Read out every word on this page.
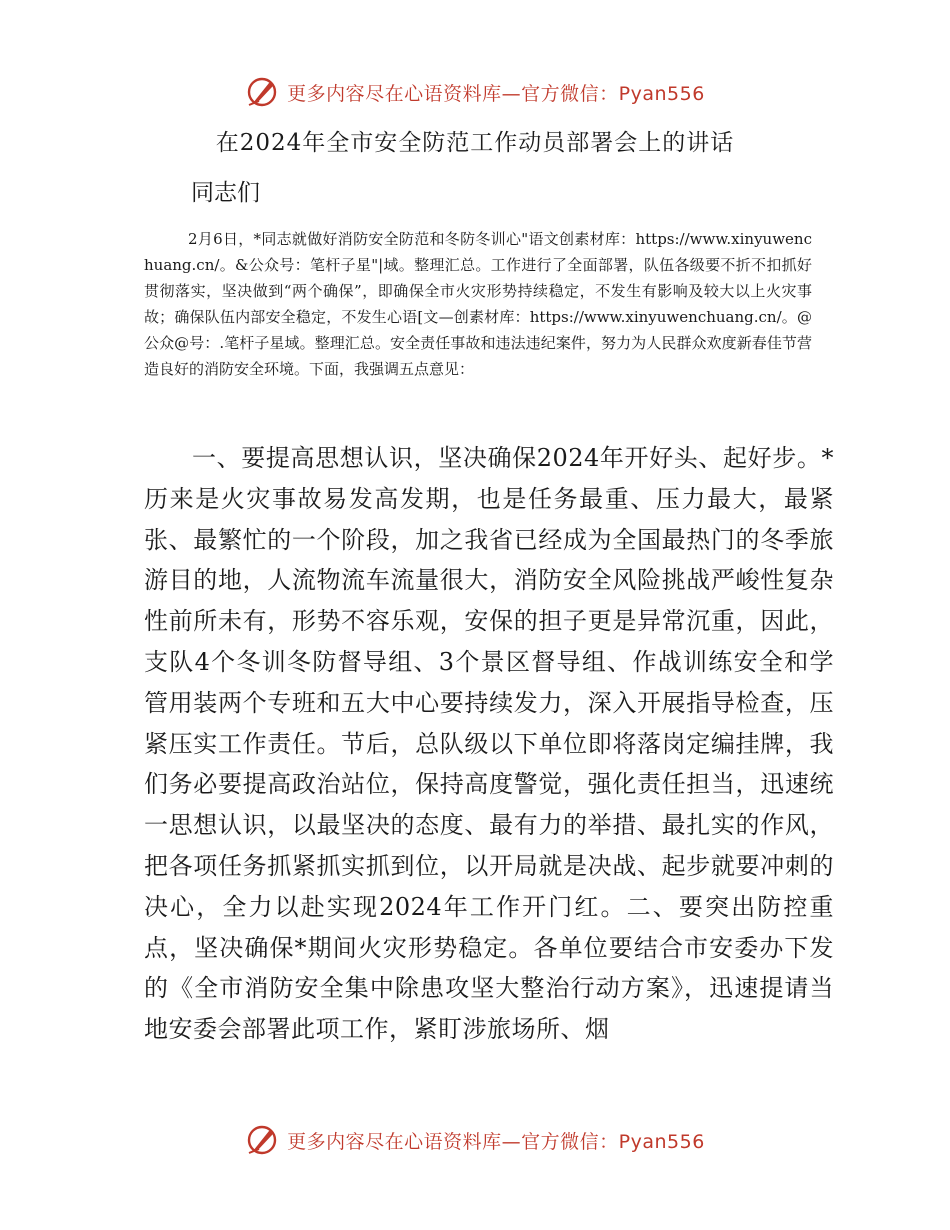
更多内容尽在心语资料库—官方微信：Pyan556
在2024年全市安全防范工作动员部署会上的讲话

同志们

2月6日，*同志就做好消防安全防范和冬防冬训心"语文创素材库：https://www.xinyuwenchuang.cn/。&公众号：笔杆子星"|域。整理汇总。工作进行了全面部署，队伍各级要不折不扣抓好贯彻落实，坚决做到“两个确保”，即确保全市火灾形势持续稳定，不发生有影响及较大以上火灾事故；确保队伍内部安全稳定，不发生心语[文—创素材库：https://www.xinyuwenchuang.cn/。@公众@号：.笔杆子星域。整理汇总。安全责任事故和违法违纪案件，努力为人民群众欢度新春佳节营造良好的消防安全环境。下面，我强调五点意见：

一、要提高思想认识，坚决确保2024年开好头、起好步。*历来是火灾事故易发高发期，也是任务最重、压力最大，最紧张、最繁忙的一个阶段，加之我省已经成为全国最热门的冬季旅游目的地，人流物流车流量很大，消防安全风险挑战严峻性复杂性前所未有，形势不容乐观，安保的担子更是异常沉重，因此，支队4个冬训冬防督导组、3个景区督导组、作战训练安全和学管用装两个专班和五大中心要持续发力，深入开展指导检查，压紧压实工作责任。节后，总队级以下单位即将落岗定编挂牌，我们务必要提高政治站位，保持高度警觉，强化责任担当，迅速统一思想认识，以最坚决的态度、最有力的举措、最扎实的作风，把各项任务抓紧抓实抓到位，以开局就是决战、起步就要冲刺的决心，全力以赴实现2024年工作开门红。二、要突出防控重点，坚决确保*期间火灾形势稳定。各单位要结合市安委办下发的《全市消防安全集中除患攻坚大整治行动方案》，迅速提请当地安委会部署此项工作，紧盯涉旅场所、烟

更多内容尽在心语资料库—官方微信：Pyan556
